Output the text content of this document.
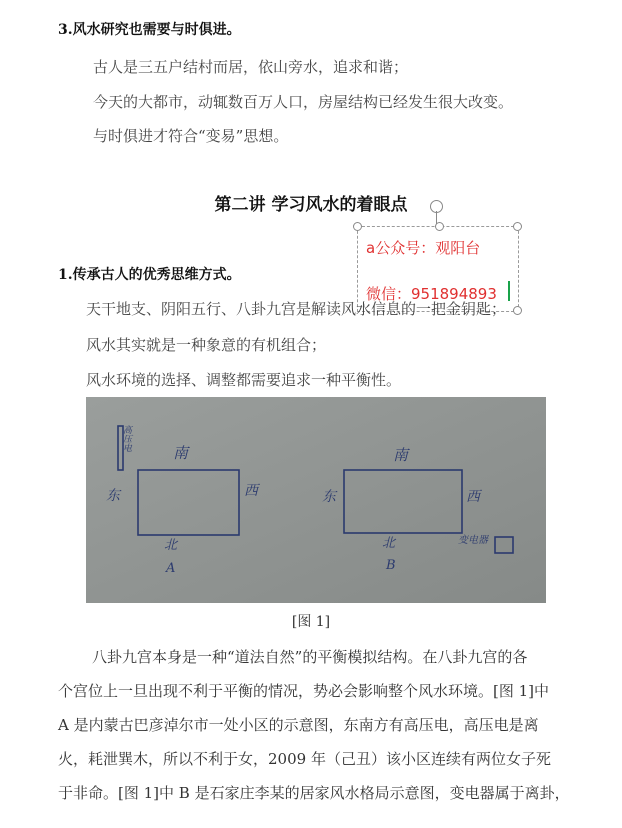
3.风水研究也需要与时俱进。
古人是三五户结村而居，依山旁水，追求和谐；
今天的大都市，动辄数百万人口，房屋结构已经发生很大改变。
与时俱进才符合“变易”思想。
第二讲 学习风水的着眼点
a公众号：观阳台
微信：951894893
1.传承古人的优秀思维方式。
天干地支、阴阳五行、八卦九宫是解读风水信息的一把金钥匙；
风水其实就是一种象意的有机组合；
风水环境的选择、调整都需要追求一种平衡性。
南
北
东	西
A
高压电
南
北
东	西
B
变电器
[图 1]
八卦九宫本身是一种“道法自然”的平衡模拟结构。在八卦九宫的各
个宫位上一旦出现不利于平衡的情况，势必会影响整个风水环境。[图 1]中
A 是内蒙古巴彦淖尔市一处小区的示意图，东南方有高压电，高压电是离
火，耗泄巽木，所以不利于女，2009 年（己丑）该小区连续有两位女子死
于非命。[图 1]中 B 是石家庄李某的居家风水格局示意图，变电器属于离卦，
